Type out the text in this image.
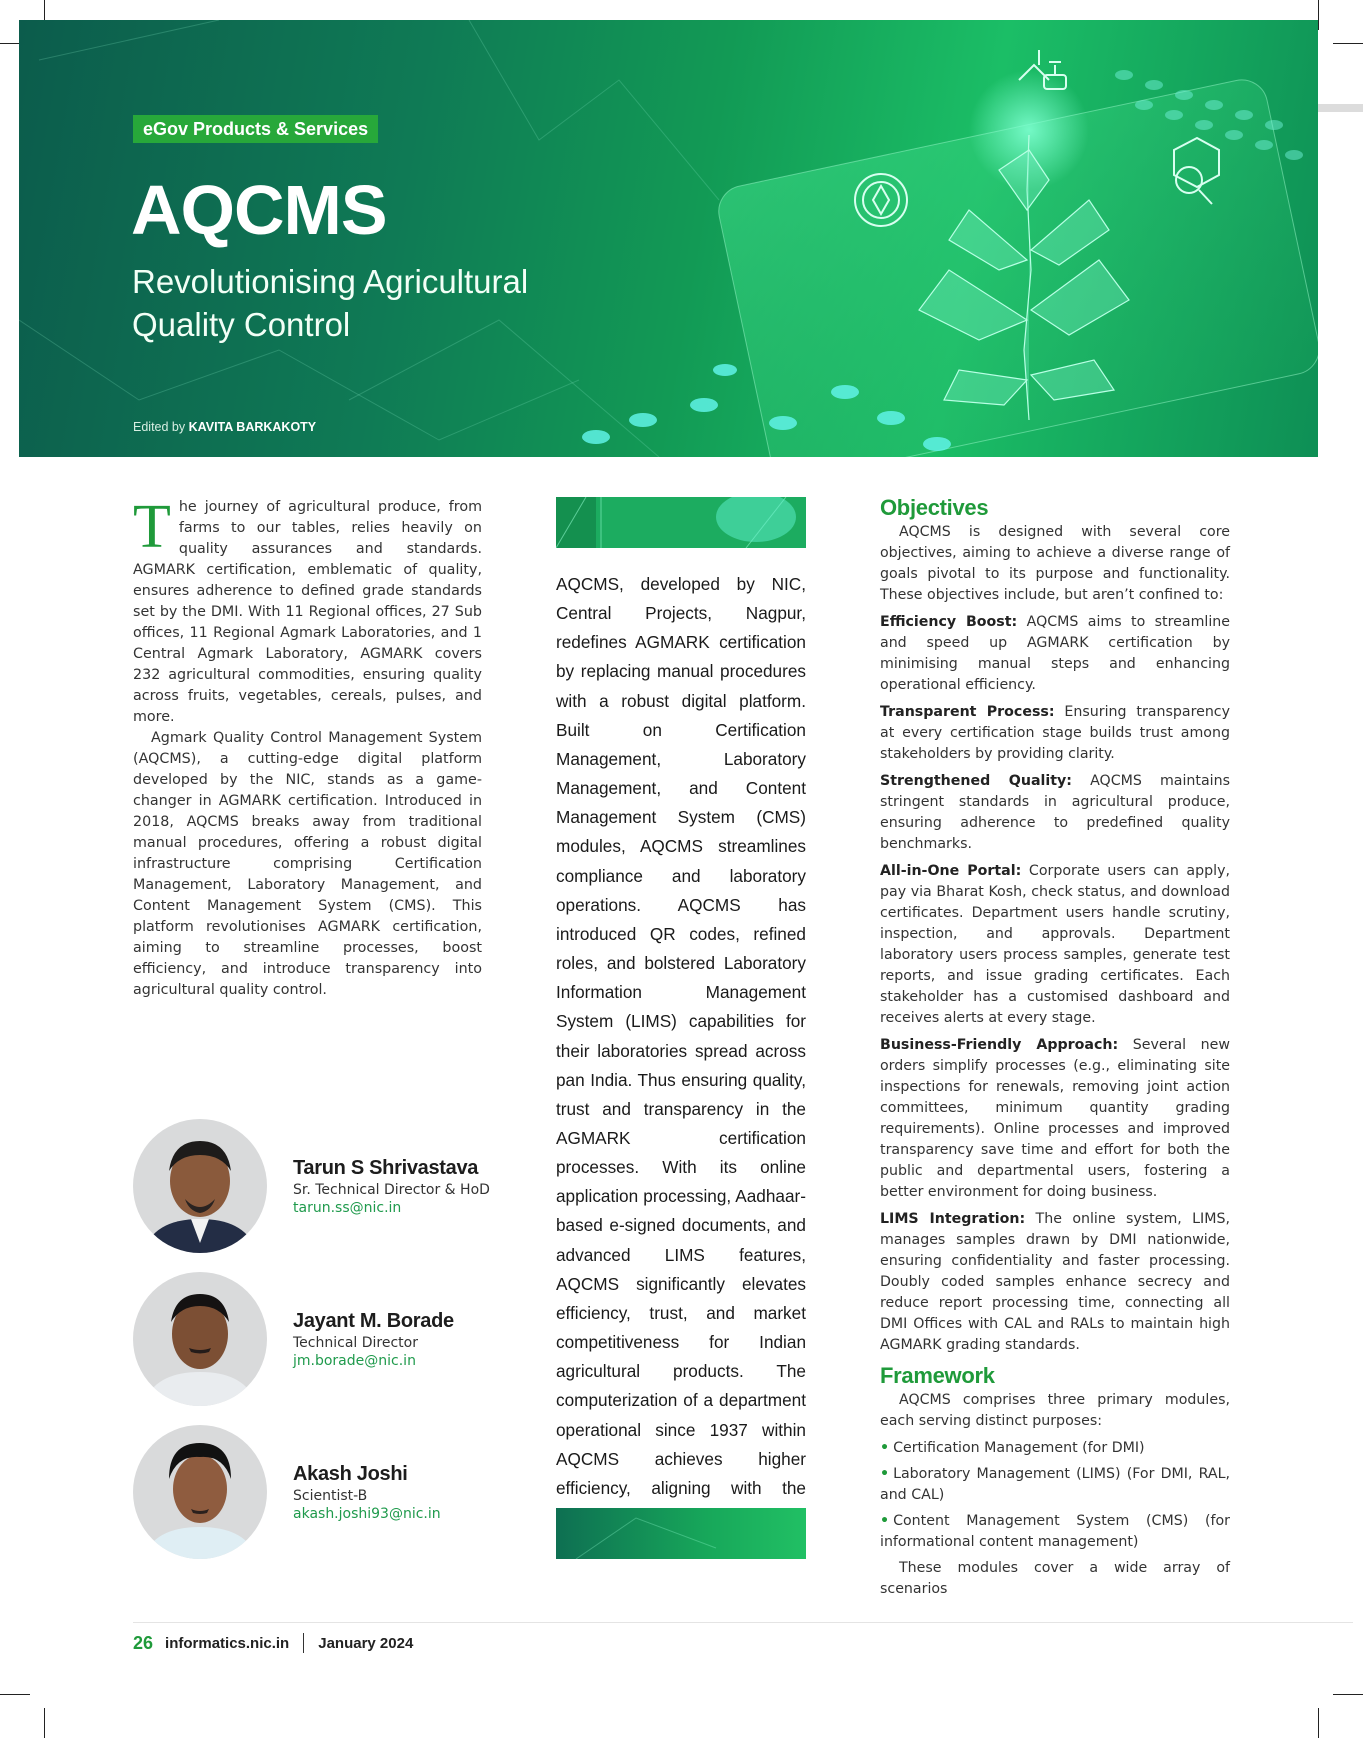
eGov Products & Services
AQCMS
Revolutionising Agricultural Quality Control
Edited by KAVITA BARKAKOTY

The journey of agricultural produce, from farms to our tables, relies heavily on quality assurances and standards. AGMARK certification, emblematic of quality, ensures adherence to defined grade standards set by the DMI. With 11 Regional offices, 27 Sub offices, 11 Regional Agmark Laboratories, and 1 Central Agmark Laboratory, AGMARK covers 232 agricultural commodities, ensuring quality across fruits, vegetables, cereals, pulses, and more.

Agmark Quality Control Management System (AQCMS), a cutting-edge digital platform developed by the NIC, stands as a game-changer in AGMARK certification. Introduced in 2018, AQCMS breaks away from traditional manual procedures, offering a robust digital infrastructure comprising Certification Management, Laboratory Management, and Content Management System (CMS). This platform revolutionises AGMARK certification, aiming to streamline processes, boost efficiency, and introduce transparency into agricultural quality control.

Tarun S Shrivastava
Sr. Technical Director & HoD
tarun.ss@nic.in
Jayant M. Borade
Technical Director
jm.borade@nic.in
Akash Joshi
Scientist-B
akash.joshi93@nic.in

AQCMS, developed by NIC, Central Projects, Nagpur, redefines AGMARK certification by replacing manual procedures with a robust digital platform. Built on Certification Management, Laboratory Management, and Content Management System (CMS) modules, AQCMS streamlines compliance and laboratory operations. AQCMS has introduced QR codes, refined roles, and bolstered Laboratory Information Management System (LIMS) capabilities for their laboratories spread across pan India. Thus ensuring quality, trust and transparency in the AGMARK certification processes. With its online application processing, Aadhaar-based e-signed documents, and advanced LIMS features, AQCMS significantly elevates efficiency, trust, and market competitiveness for Indian agricultural products. The computerization of a department operational since 1937 within AQCMS achieves higher efficiency, aligning with the

Objectives

AQCMS is designed with several core objectives, aiming to achieve a diverse range of goals pivotal to its purpose and functionality. These objectives include, but aren’t confined to:

Efficiency Boost: AQCMS aims to streamline and speed up AGMARK certification by minimising manual steps and enhancing operational efficiency.

Transparent Process: Ensuring transparency at every certification stage builds trust among stakeholders by providing clarity.

Strengthened Quality: AQCMS maintains stringent standards in agricultural produce, ensuring adherence to predefined quality benchmarks.

All-in-One Portal: Corporate users can apply, pay via Bharat Kosh, check status, and download certificates. Department users handle scrutiny, inspection, and approvals. Department laboratory users process samples, generate test reports, and issue grading certificates. Each stakeholder has a customised dashboard and receives alerts at every stage.

Business-Friendly Approach: Several new orders simplify processes (e.g., eliminating site inspections for renewals, removing joint action committees, minimum quantity grading requirements). Online processes and improved transparency save time and effort for both the public and departmental users, fostering a better environment for doing business.

LIMS Integration: The online system, LIMS, manages samples drawn by DMI nationwide, ensuring confidentiality and faster processing. Doubly coded samples enhance secrecy and reduce report processing time, connecting all DMI Offices with CAL and RALs to maintain high AGMARK grading standards.

Framework

AQCMS comprises three primary modules, each serving distinct purposes:

• Certification Management (for DMI)

• Laboratory Management (LIMS) (For DMI, RAL, and CAL)

• Content Management System (CMS) (for informational content management)

These modules cover a wide array of scenarios

26 informatics.nic.in January 2024
